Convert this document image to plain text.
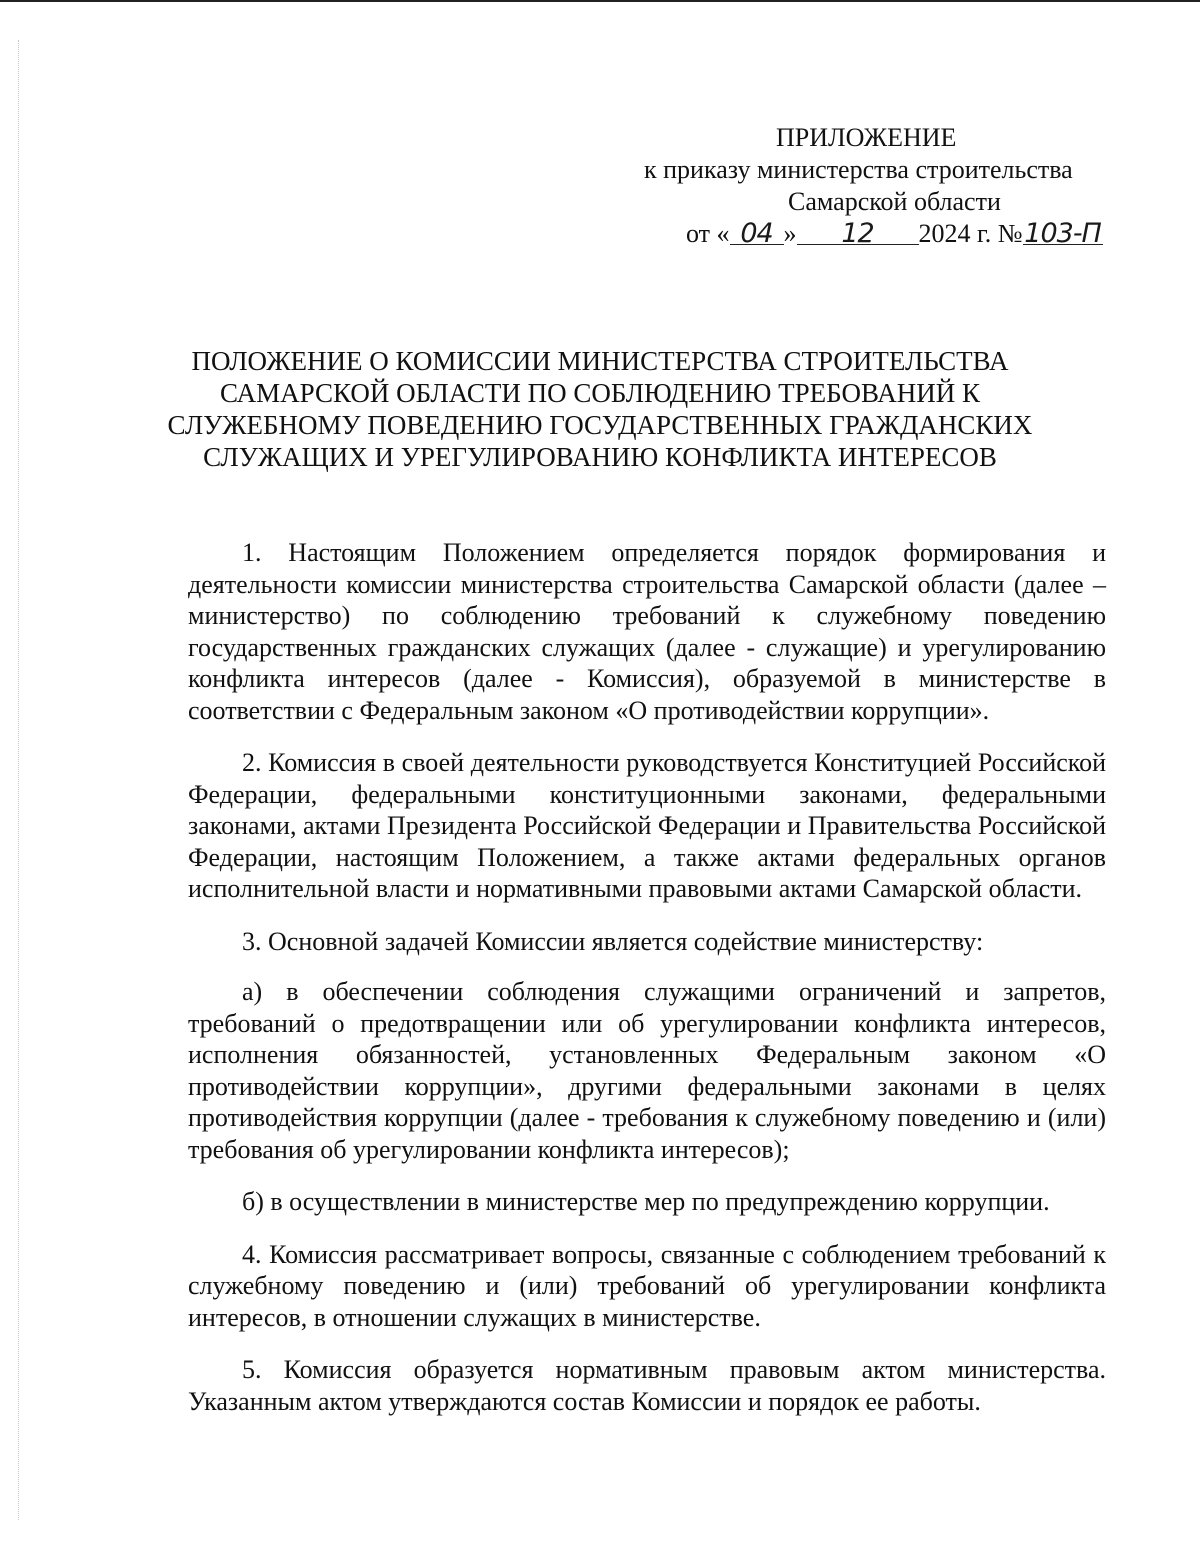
ПРИЛОЖЕНИЕ
к приказу министерства строительства
Самарской области
от « 04 » 12 2024 г. №103-П
ПОЛОЖЕНИЕ О КОМИССИИ МИНИСТЕРСТВА СТРОИТЕЛЬСТВА
САМАРСКОЙ ОБЛАСТИ ПО СОБЛЮДЕНИЮ ТРЕБОВАНИЙ К
СЛУЖЕБНОМУ ПОВЕДЕНИЮ ГОСУДАРСТВЕННЫХ ГРАЖДАНСКИХ
СЛУЖАЩИХ И УРЕГУЛИРОВАНИЮ КОНФЛИКТА ИНТЕРЕСОВ

1. Настоящим Положением определяется порядок формирования и деятельности комиссии министерства строительства Самарской области (далее – министерство) по соблюдению требований к служебному поведению государственных гражданских служащих (далее - служащие) и урегулированию конфликта интересов (далее - Комиссия), образуемой в министерстве в соответствии с Федеральным законом «О противодействии коррупции».

2. Комиссия в своей деятельности руководствуется Конституцией Российской Федерации, федеральными конституционными законами, федеральными законами, актами Президента Российской Федерации и Правительства Российской Федерации, настоящим Положением, а также актами федеральных органов исполнительной власти и нормативными правовыми актами Самарской области.

3. Основной задачей Комиссии является содействие министерству:

а) в обеспечении соблюдения служащими ограничений и запретов, требований о предотвращении или об урегулировании конфликта интересов, исполнения обязанностей, установленных Федеральным законом «О противодействии коррупции», другими федеральными законами в целях противодействия коррупции (далее - требования к служебному поведению и (или) требования об урегулировании конфликта интересов);

б) в осуществлении в министерстве мер по предупреждению коррупции.

4. Комиссия рассматривает вопросы, связанные с соблюдением требований к служебному поведению и (или) требований об урегулировании конфликта интересов, в отношении служащих в министерстве.

5. Комиссия образуется нормативным правовым актом министерства. Указанным актом утверждаются состав Комиссии и порядок ее работы.
